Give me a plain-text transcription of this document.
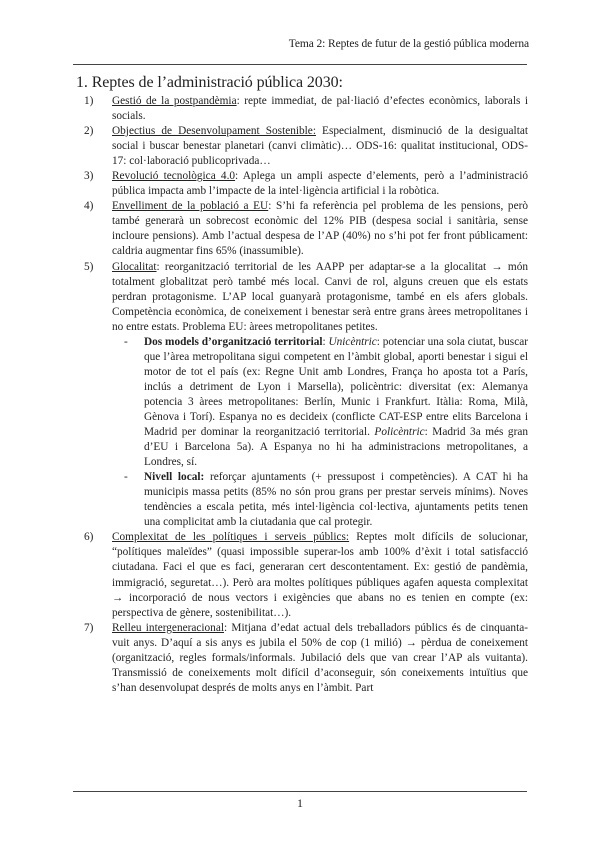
Tema 2: Reptes de futur de la gestió pública moderna
1. Reptes de l’administració pública 2030:
1)	Gestió de la postpandèmia: repte immediat, de pal·liació d’efectes econòmics, laborals i socials.
2)	Objectius de Desenvolupament Sostenible: Especialment, disminució de la desigualtat social i buscar benestar planetari (canvi climàtic)… ODS-16: qualitat institucional, ODS-17: col·laboració publicoprivada…
3)	Revolució tecnològica 4.0: Aplega un ampli aspecte d’elements, però a l’administració pública impacta amb l’impacte de la intel·ligència artificial i la robòtica.
4)	Envelliment de la població a EU: S’hi fa referència pel problema de les pensions, però també generarà un sobrecost econòmic del 12% PIB (despesa social i sanitària, sense incloure pensions). Amb l’actual despesa de l’AP (40%) no s’hi pot fer front públicament: caldria augmentar fins 65% (inassumible).
5)	Glocalitat: reorganització territorial de les AAPP per adaptar-se a la glocalitat → món totalment globalitzat però també més local. Canvi de rol, alguns creuen que els estats perdran protagonisme. L’AP local guanyarà protagonisme, també en els afers globals. Competència econòmica, de coneixement i benestar serà entre grans àrees metropolitanes i no entre estats. Problema EU: àrees metropolitanes petites.
-	Dos models d’organització territorial: Unicèntric: potenciar una sola ciutat, buscar que l’àrea metropolitana sigui competent en l’àmbit global, aporti benestar i sigui el motor de tot el país (ex: Regne Unit amb Londres, França ho aposta tot a París, inclús a detriment de Lyon i Marsella), policèntric: diversitat (ex: Alemanya potencia 3 àrees metropolitanes: Berlín, Munic i Frankfurt. Itàlia: Roma, Milà, Gènova i Torí). Espanya no es decideix (conflicte CAT-ESP entre elits Barcelona i Madrid per dominar la reorganització territorial. Policèntric: Madrid 3a més gran d’EU i Barcelona 5a). A Espanya no hi ha administracions metropolitanes, a Londres, sí.
-	Nivell local: reforçar ajuntaments (+ pressupost i competències). A CAT hi ha municipis massa petits (85% no són prou grans per prestar serveis mínims). Noves tendències a escala petita, més intel·ligència col·lectiva, ajuntaments petits tenen una complicitat amb la ciutadania que cal protegir.
6)	Complexitat de les polítiques i serveis públics: Reptes molt difícils de solucionar, “polítiques maleïdes” (quasi impossible superar-los amb 100% d’èxit i total satisfacció ciutadana. Faci el que es faci, generaran cert descontentament. Ex: gestió de pandèmia, immigració, seguretat…). Però ara moltes polítiques públiques agafen aquesta complexitat → incorporació de nous vectors i exigències que abans no es tenien en compte (ex: perspectiva de gènere, sostenibilitat…).
7)	Relleu intergeneracional: Mitjana d’edat actual dels treballadors públics és de cinquanta-vuit anys. D’aquí a sis anys es jubila el 50% de cop (1 milió) → pèrdua de coneixement (organització, regles formals/informals. Jubilació dels que van crear l’AP als vuitanta). Transmissió de coneixements molt difícil d’aconseguir, són coneixements intuïtius que s’han desenvolupat després de molts anys en l’àmbit. Part
1
